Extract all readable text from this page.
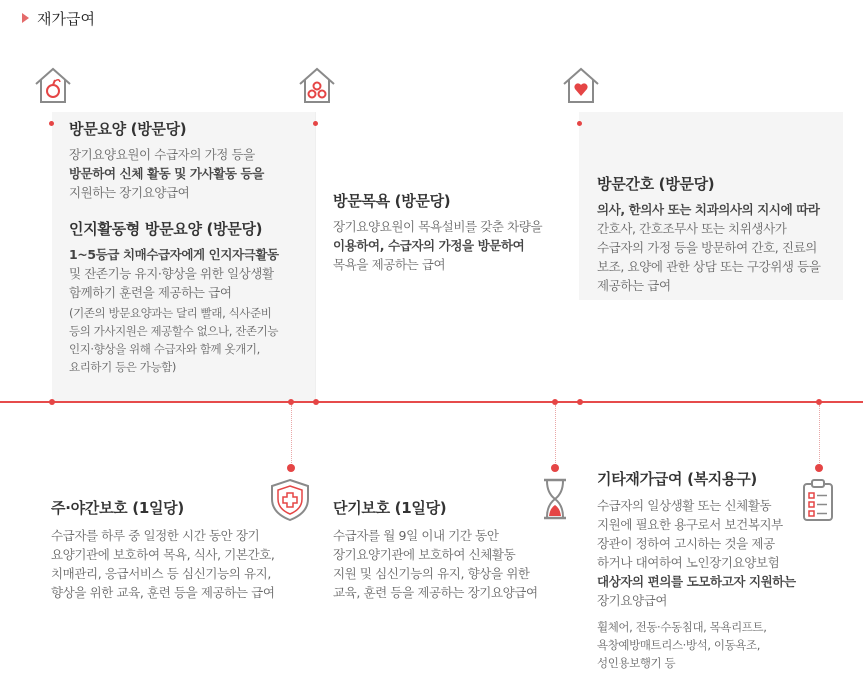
재가급여
방문요양 (방문당)

장기요양요원이 수급자의 가정 등을
방문하여 신체 활동 및 가사활동 등을
지원하는 장기요양급여

인지활동형 방문요양 (방문당)

1~5등급 치매수급자에게 인지자극활동
및 잔존기능 유지·향상을 위한 일상생활
함께하기 훈련을 제공하는 급여

(기존의 방문요양과는 달리 빨래, 식사준비
등의 가사지원은 제공할수 없으나, 잔존기능
인지·향상을 위해 수급자와 함께 옷개기,
요리하기 등은 가능함)

방문목욕 (방문당)

장기요양요원이 목욕설비를 갖춘 차량을
이용하여, 수급자의 가정을 방문하여
목욕을 제공하는 급여

방문간호 (방문당)

의사, 한의사 또는 치과의사의 지시에 따라
간호사, 간호조무사 또는 치위생사가
수급자의 가정 등을 방문하여 간호, 진료의
보조, 요양에 관한 상담 또는 구강위생 등을
제공하는 급여

주·야간보호 (1일당)

수급자를 하루 중 일정한 시간 동안 장기
요양기관에 보호하여 목욕, 식사, 기본간호,
치매관리, 응급서비스 등 심신기능의 유지,
향상을 위한 교육, 훈련 등을 제공하는 급여

단기보호 (1일당)

수급자를 월 9일 이내 기간 동안
장기요양기관에 보호하여 신체활동
지원 및 심신기능의 유지, 향상을 위한
교육, 훈련 등을 제공하는 장기요양급여

기타재가급여 (복지용구)

수급자의 일상생활 또는 신체활동
지원에 필요한 용구로서 보건복지부
장관이 정하여 고시하는 것을 제공
하거나 대여하여 노인장기요양보험
대상자의 편의를 도모하고자 지원하는
장기요양급여

휠체어, 전동·수동침대, 목욕리프트,
욕창예방매트리스·방석, 이동욕조,
성인용보행기 등
